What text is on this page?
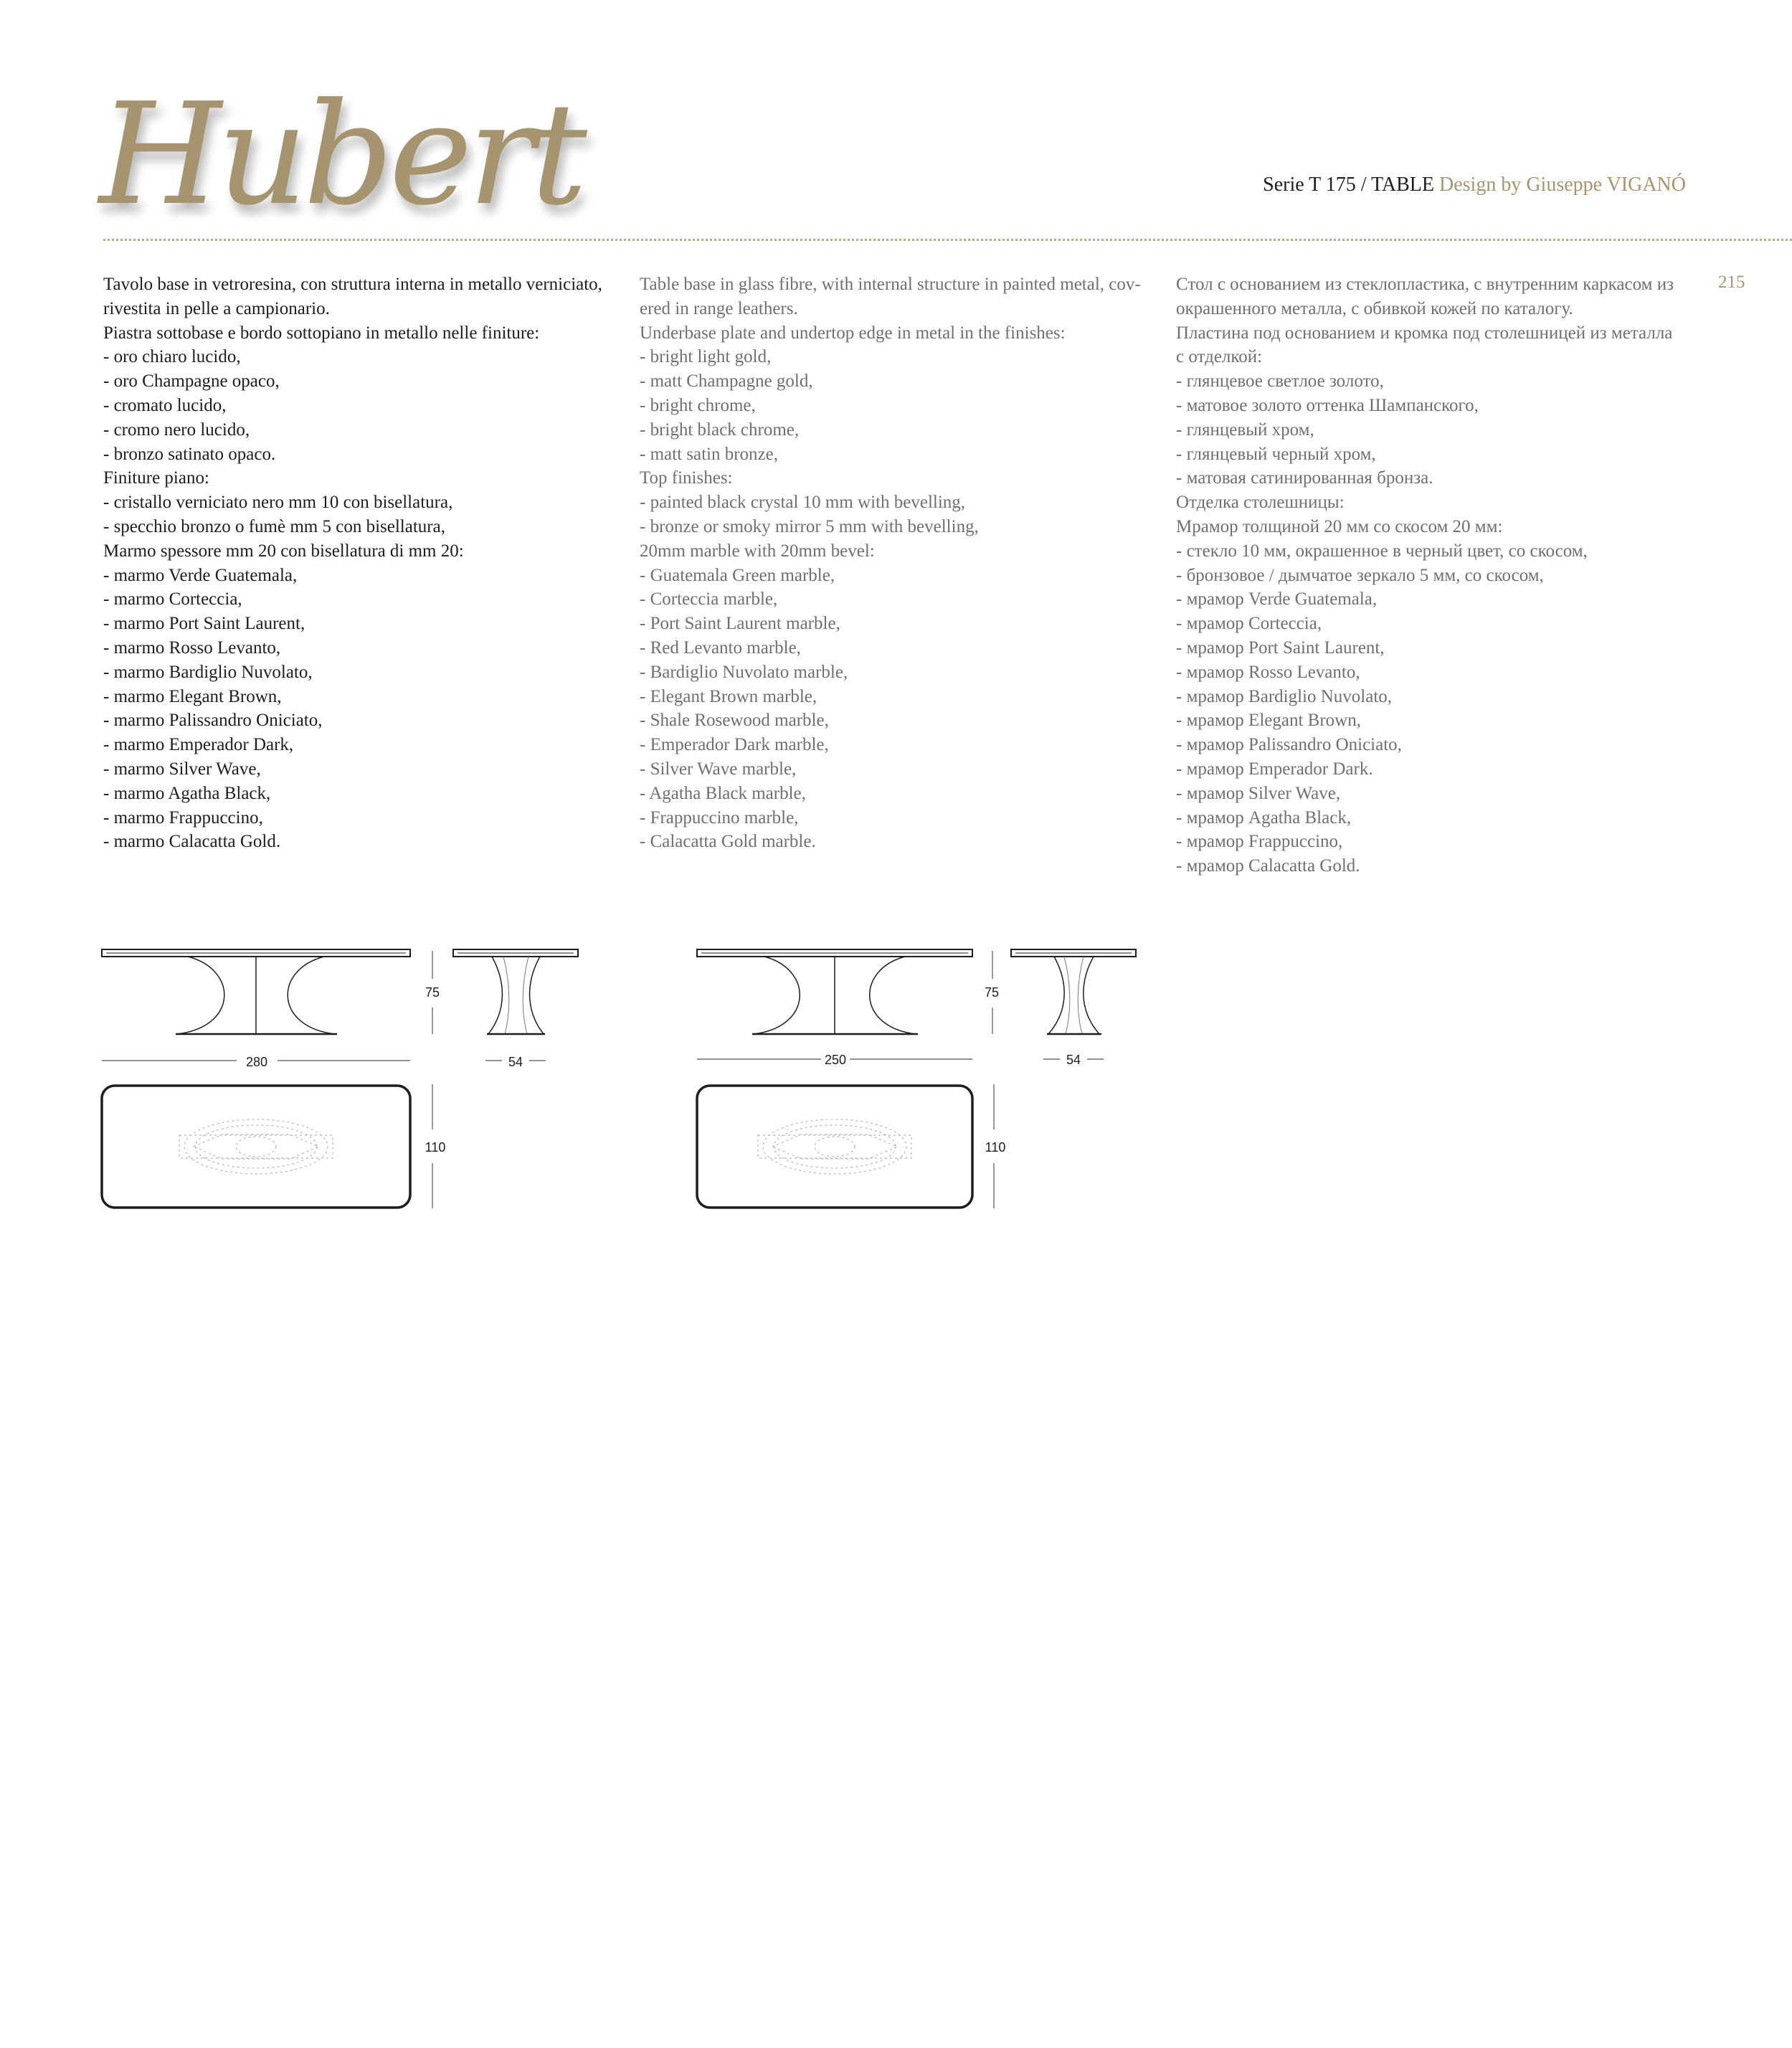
Hubert	Serie T 175 / TABLE Design by Giuseppe VIGANÓ
Tavolo base in vetroresina, con struttura interna in metallo verniciato,
rivestita in pelle a campionario.
Piastra sottobase e bordo sottopiano in metallo nelle finiture:
- oro chiaro lucido,
- oro Champagne opaco,
- cromato lucido,
- cromo nero lucido,
- bronzo satinato opaco.
Finiture piano:
- cristallo verniciato nero mm 10 con bisellatura,
- specchio bronzo o fumè mm 5 con bisellatura,
Marmo spessore mm 20 con bisellatura di mm 20:
- marmo Verde Guatemala,
- marmo Corteccia,
- marmo Port Saint Laurent,
- marmo Rosso Levanto,
- marmo Bardiglio Nuvolato,
- marmo Elegant Brown,
- marmo Palissandro Oniciato,
- marmo Emperador Dark,
- marmo Silver Wave,
- marmo Agatha Black,
- marmo Frappuccino,
- marmo Calacatta Gold.
Table base in glass fibre, with internal structure in painted metal, cov-
ered in range leathers.
Underbase plate and undertop edge in metal in the finishes:
- bright light gold,
- matt Champagne gold,
- bright chrome,
- bright black chrome,
- matt satin bronze,
Top finishes:
- painted black crystal 10 mm with bevelling,
- bronze or smoky mirror 5 mm with bevelling,
20mm marble with 20mm bevel:
- Guatemala Green marble,
- Corteccia marble,
- Port Saint Laurent marble,
- Red Levanto marble,
- Bardiglio Nuvolato marble,
- Elegant Brown marble,
- Shale Rosewood marble,
- Emperador Dark marble,
- Silver Wave marble,
- Agatha Black marble,
- Frappuccino marble,
- Calacatta Gold marble.
Стол с основанием из стеклопластика, с внутренним каркасом из
окрашенного металла, с обивкой кожей по каталогу.
Пластина под основанием и кромка под столешницей из металла
с отделкой:
- глянцевое светлое золото,
- матовое золото оттенка Шампанского,
- глянцевый хром,
- глянцевый черный хром,
- матовая сатинированная бронза.
Отделка столешницы:
Мрамор толщиной 20 мм со скосом 20 мм:
- стекло 10 мм, окрашенное в черный цвет, со скосом,
- бронзовое / дымчатое зеркало 5 мм, со скосом,
- мрамор Verde Guatemala,
- мрамор Corteccia,
- мрамор Port Saint Laurent,
- мрамор Rosso Levanto,
- мрамор Bardiglio Nuvolato,
- мрамор Elegant Brown,
- мрамор Palissandro Oniciato,
- мрамор Emperador Dark.
- мрамор Silver Wave,
- мрамор Agatha Black,
- мрамор Frappuccino,
- мрамор Calacatta Gold.
215
75
280	54
110
75
250	54
110
